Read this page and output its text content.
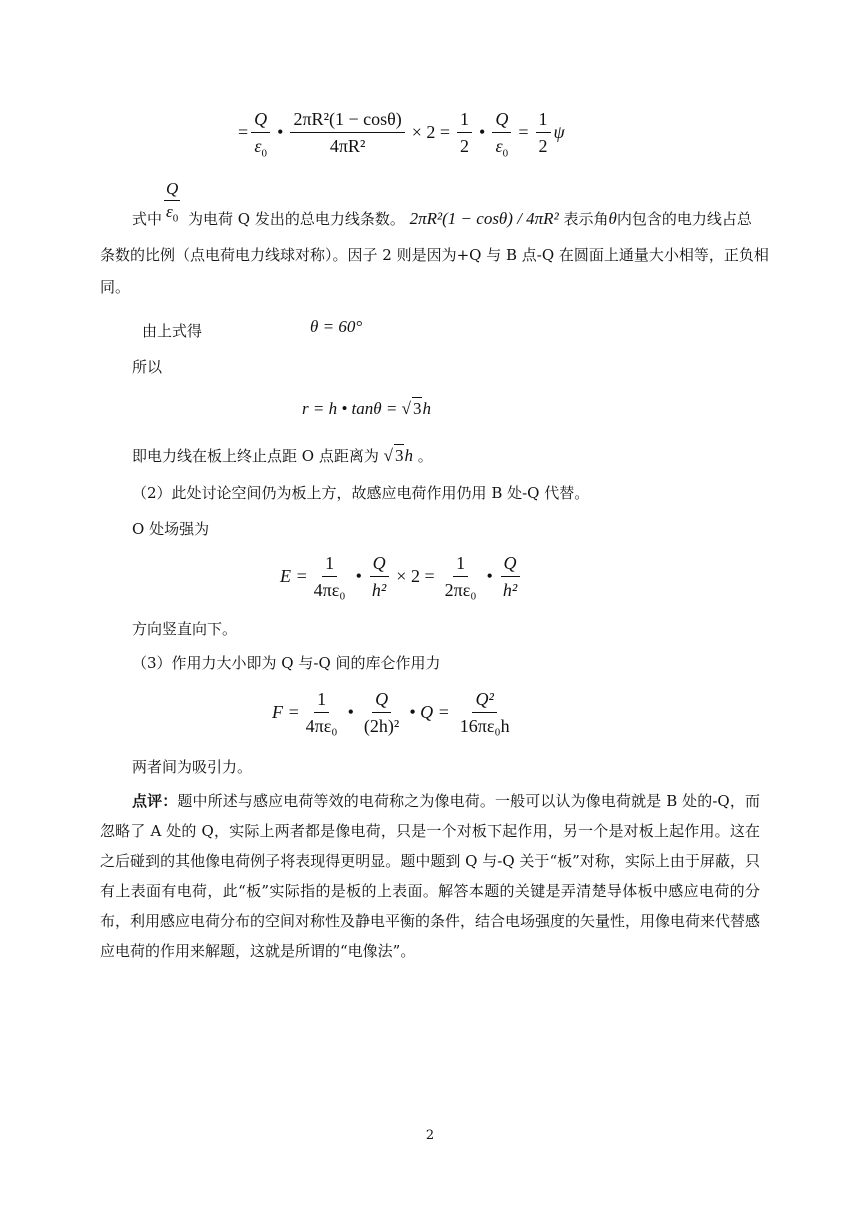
= $\frac{Q}{\varepsilon_0}$ • $\frac{\text{2πR²(1 − cosθ)}}{\text{4πR²}} \times 2 = \frac{1}{2}$ • $\frac{Q}{\varepsilon_0} = \frac{1}{2}$ ψ
$\frac{Q}{\varepsilon_0}$
式中 为电荷 Q 发出的总电力线条数。 2πR²(1 − cosθ) / 4πR² 表示角θ内包含的电力线占总
条数的比例（点电荷电力线球对称）。因子 2 则是因为+Q 与 B 点-Q 在圆面上通量大小相等，正负相
同。
由上式得	θ = 60°
所以
r = h • tanθ = √ 3h
即电力线在板上终止点距 O 点距离为 √ 3h 。
（2）此处讨论空间仍为板上方，故感应电荷作用仍用 B 处-Q 代替。
O 处场强为
$E = \frac{1}{\text{4πε₀}}$ • $\frac{Q}{\text{h²}} \times 2 = \frac{1}{\text{2πε₀}}$ • $\frac{Q}{\text{h²}}$
方向竖直向下。
（3）作用力大小即为 Q 与-Q 间的库仑作用力
$F = \frac{1}{\text{4πε₀}}$ • $\frac{Q}{\text{(2h)²}}$ • $Q = \frac{\text{Q²}}{\text{16πε₀h}}$
两者间为吸引力。
点评：题中所述与感应电荷等效的电荷称之为像电荷。一般可以认为像电荷就是 B 处的-Q，而忽略了 A 处的 Q，实际上两者都是像电荷，只是一个对板下起作用，另一个是对板上起作用。这在之后碰到的其他像电荷例子将表现得更明显。题中题到 Q 与-Q 关于“板”对称，实际上由于屏蔽，只有上表面有电荷，此“板”实际指的是板的上表面。解答本题的关键是弄清楚导体板中感应电荷的分布，利用感应电荷分布的空间对称性及静电平衡的条件，结合电场强度的矢量性，用像电荷来代替感应电荷的作用来解题，这就是所谓的“电像法”。
2
